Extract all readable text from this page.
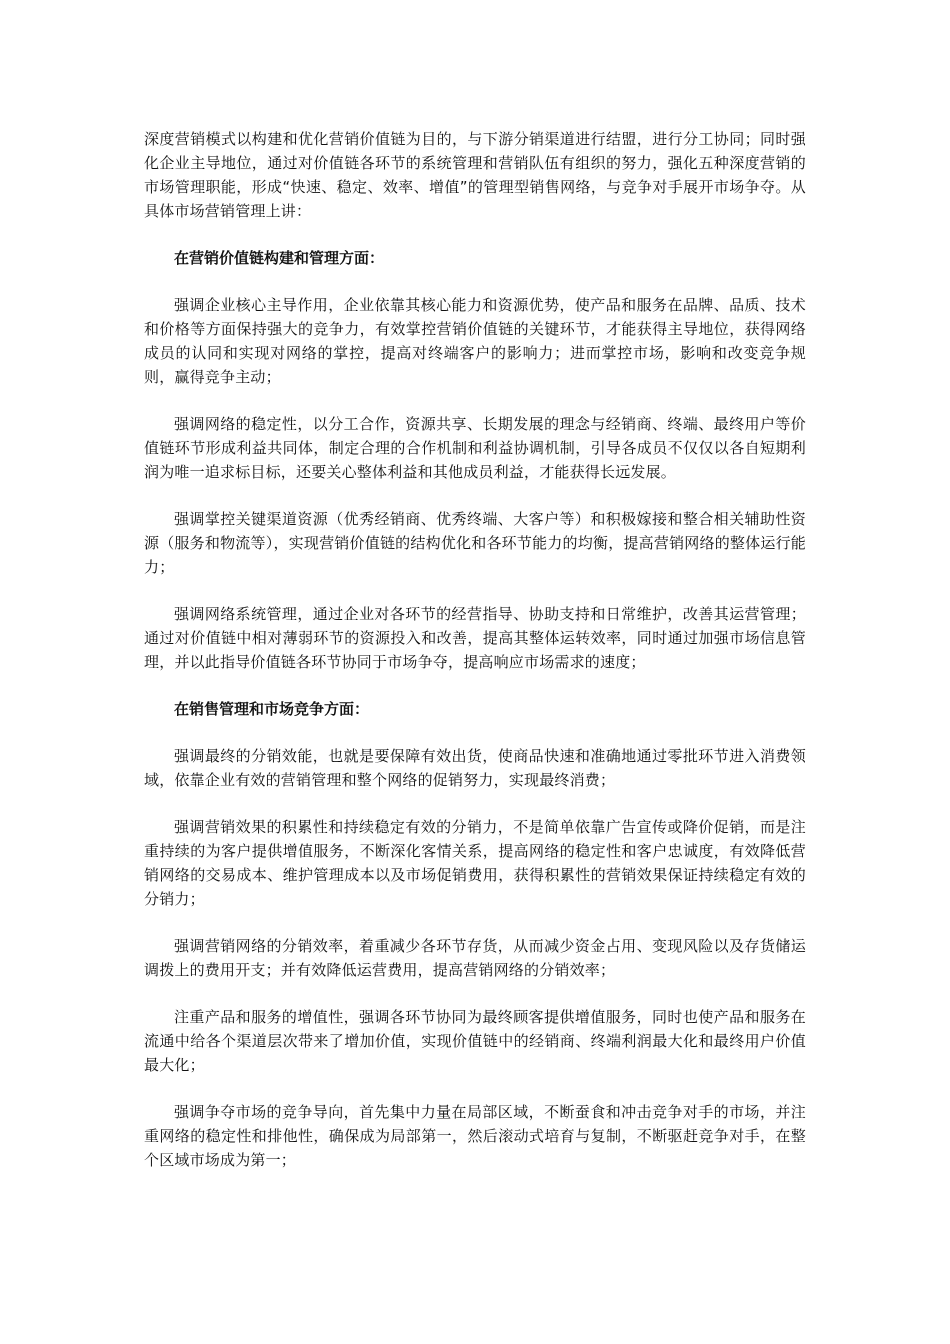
深度营销模式以构建和优化营销价值链为目的，与下游分销渠道进行结盟，进行分工协同；同时强化企业主导地位，通过对价值链各环节的系统管理和营销队伍有组织的努力，强化五种深度营销的市场管理职能，形成“快速、稳定、效率、增值”的管理型销售网络，与竞争对手展开市场争夺。从具体市场营销管理上讲：

在营销价值链构建和管理方面：

强调企业核心主导作用，企业依靠其核心能力和资源优势，使产品和服务在品牌、品质、技术和价格等方面保持强大的竞争力，有效掌控营销价值链的关键环节，才能获得主导地位，获得网络成员的认同和实现对网络的掌控，提高对终端客户的影响力；进而掌控市场，影响和改变竞争规则，赢得竞争主动；

强调网络的稳定性，以分工合作，资源共享、长期发展的理念与经销商、终端、最终用户等价值链环节形成利益共同体，制定合理的合作机制和利益协调机制，引导各成员不仅仅以各自短期利润为唯一追求标目标，还要关心整体利益和其他成员利益，才能获得长远发展。

强调掌控关键渠道资源（优秀经销商、优秀终端、大客户等）和积极嫁接和整合相关辅助性资源（服务和物流等），实现营销价值链的结构优化和各环节能力的均衡，提高营销网络的整体运行能力；

强调网络系统管理，通过企业对各环节的经营指导、协助支持和日常维护，改善其运营管理；通过对价值链中相对薄弱环节的资源投入和改善，提高其整体运转效率，同时通过加强市场信息管理，并以此指导价值链各环节协同于市场争夺，提高响应市场需求的速度；

在销售管理和市场竞争方面：

强调最终的分销效能，也就是要保障有效出货，使商品快速和准确地通过零批环节进入消费领域，依靠企业有效的营销管理和整个网络的促销努力，实现最终消费；

强调营销效果的积累性和持续稳定有效的分销力，不是简单依靠广告宣传或降价促销，而是注重持续的为客户提供增值服务，不断深化客情关系，提高网络的稳定性和客户忠诚度，有效降低营销网络的交易成本、维护管理成本以及市场促销费用，获得积累性的营销效果保证持续稳定有效的分销力；

强调营销网络的分销效率，着重减少各环节存货，从而减少资金占用、变现风险以及存货储运调拨上的费用开支；并有效降低运营费用，提高营销网络的分销效率；

注重产品和服务的增值性，强调各环节协同为最终顾客提供增值服务，同时也使产品和服务在流通中给各个渠道层次带来了增加价值，实现价值链中的经销商、终端利润最大化和最终用户价值最大化；

强调争夺市场的竞争导向，首先集中力量在局部区域，不断蚕食和冲击竞争对手的市场，并注重网络的稳定性和排他性，确保成为局部第一，然后滚动式培育与复制，不断驱赶竞争对手，在整个区域市场成为第一；
